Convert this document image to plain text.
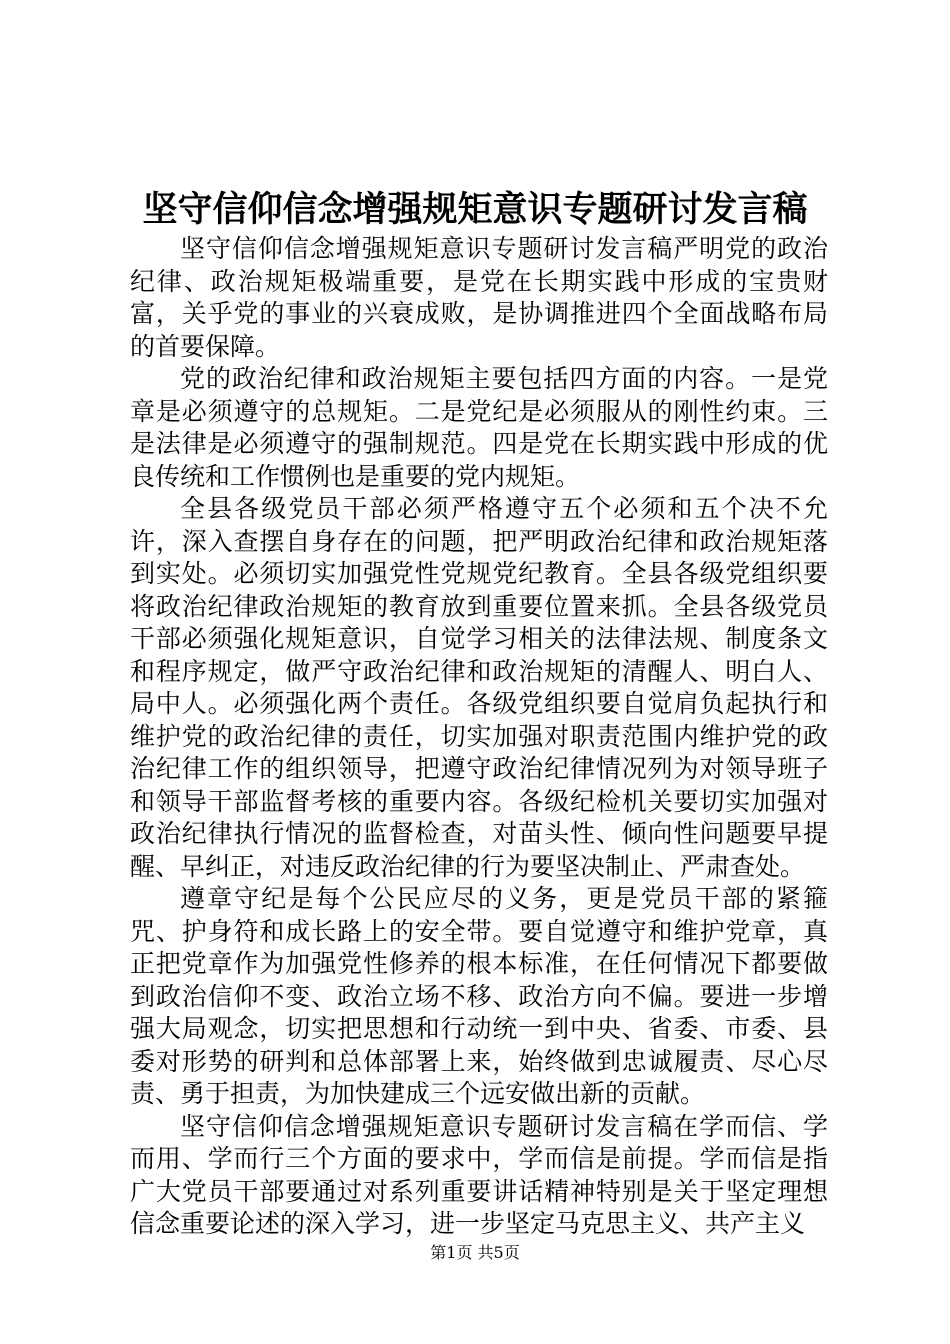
坚守信仰信念增强规矩意识专题研讨发言稿

坚守信仰信念增强规矩意识专题研讨发言稿严明党的政治纪律、政治规矩极端重要，是党在长期实践中形成的宝贵财富，关乎党的事业的兴衰成败，是协调推进四个全面战略布局的首要保障。

党的政治纪律和政治规矩主要包括四方面的内容。一是党章是必须遵守的总规矩。二是党纪是必须服从的刚性约束。三是法律是必须遵守的强制规范。四是党在长期实践中形成的优良传统和工作惯例也是重要的党内规矩。

全县各级党员干部必须严格遵守五个必须和五个决不允许，深入查摆自身存在的问题，把严明政治纪律和政治规矩落到实处。必须切实加强党性党规党纪教育。全县各级党组织要将政治纪律政治规矩的教育放到重要位置来抓。全县各级党员干部必须强化规矩意识，自觉学习相关的法律法规、制度条文和程序规定，做严守政治纪律和政治规矩的清醒人、明白人、局中人。必须强化两个责任。各级党组织要自觉肩负起执行和维护党的政治纪律的责任，切实加强对职责范围内维护党的政治纪律工作的组织领导，把遵守政治纪律情况列为对领导班子和领导干部监督考核的重要内容。各级纪检机关要切实加强对政治纪律执行情况的监督检查，对苗头性、倾向性问题要早提醒、早纠正，对违反政治纪律的行为要坚决制止、严肃查处。

遵章守纪是每个公民应尽的义务，更是党员干部的紧箍咒、护身符和成长路上的安全带。要自觉遵守和维护党章，真正把党章作为加强党性修养的根本标准，在任何情况下都要做到政治信仰不变、政治立场不移、政治方向不偏。要进一步增强大局观念，切实把思想和行动统一到中央、省委、市委、县委对形势的研判和总体部署上来，始终做到忠诚履责、尽心尽责、勇于担责，为加快建成三个远安做出新的贡献。

坚守信仰信念增强规矩意识专题研讨发言稿在学而信、学而用、学而行三个方面的要求中，学而信是前提。学而信是指广大党员干部要通过对系列重要讲话精神特别是关于坚定理想信念重要论述的深入学习，进一步坚定马克思主义、共产主义

第1页 共5页
